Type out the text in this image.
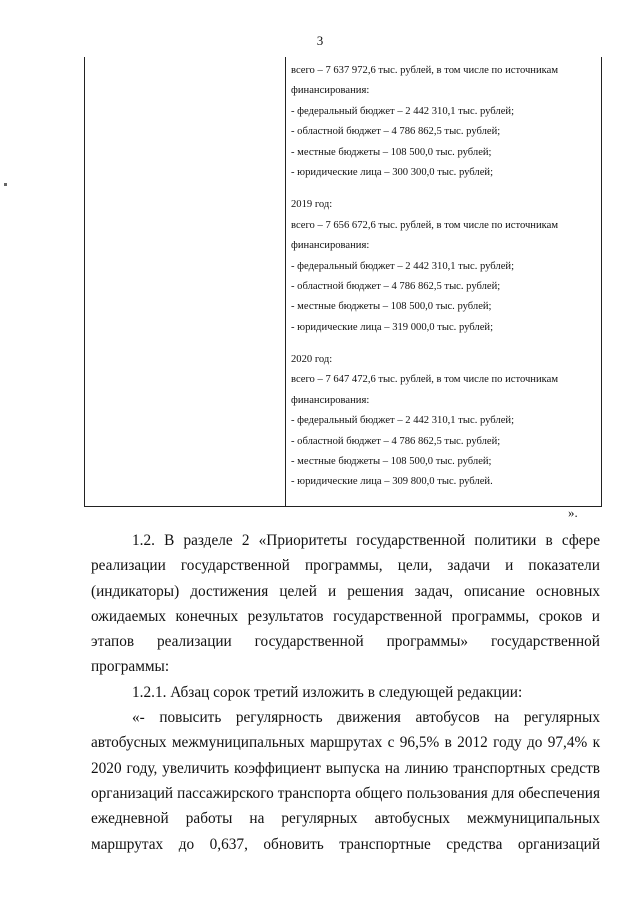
3
всего – 7 637 972,6 тыс. рублей, в том числе по источникам
финансирования:
- федеральный бюджет – 2 442 310,1 тыс. рублей;
- областной бюджет – 4 786 862,5 тыс. рублей;
- местные бюджеты – 108 500,0 тыс. рублей;
- юридические лица – 300 300,0 тыс. рублей;
2019 год:
всего – 7 656 672,6 тыс. рублей, в том числе по источникам
финансирования:
- федеральный бюджет – 2 442 310,1 тыс. рублей;
- областной бюджет – 4 786 862,5 тыс. рублей;
- местные бюджеты – 108 500,0 тыс. рублей;
- юридические лица – 319 000,0 тыс. рублей;
2020 год:
всего – 7 647 472,6 тыс. рублей, в том числе по источникам
финансирования:
- федеральный бюджет – 2 442 310,1 тыс. рублей;
- областной бюджет – 4 786 862,5 тыс. рублей;
- местные бюджеты – 108 500,0 тыс. рублей;
- юридические лица – 309 800,0 тыс. рублей.
».
1.2. В разделе 2 «Приоритеты государственной политики в сфере
реализации государственной программы, цели, задачи и показатели
(индикаторы) достижения целей и решения задач, описание основных
ожидаемых конечных результатов государственной программы, сроков и
этапов реализации государственной программы» государственной программы:
1.2.1. Абзац сорок третий изложить в следующей редакции:
«- повысить регулярность движения автобусов на регулярных
автобусных межмуниципальных маршрутах с 96,5% в 2012 году до 97,4% к
2020 году, увеличить коэффициент выпуска на линию транспортных средств
организаций пассажирского транспорта общего пользования для обеспечения
ежедневной работы на регулярных автобусных межмуниципальных
маршрутах до 0,637, обновить транспортные средства организаций
